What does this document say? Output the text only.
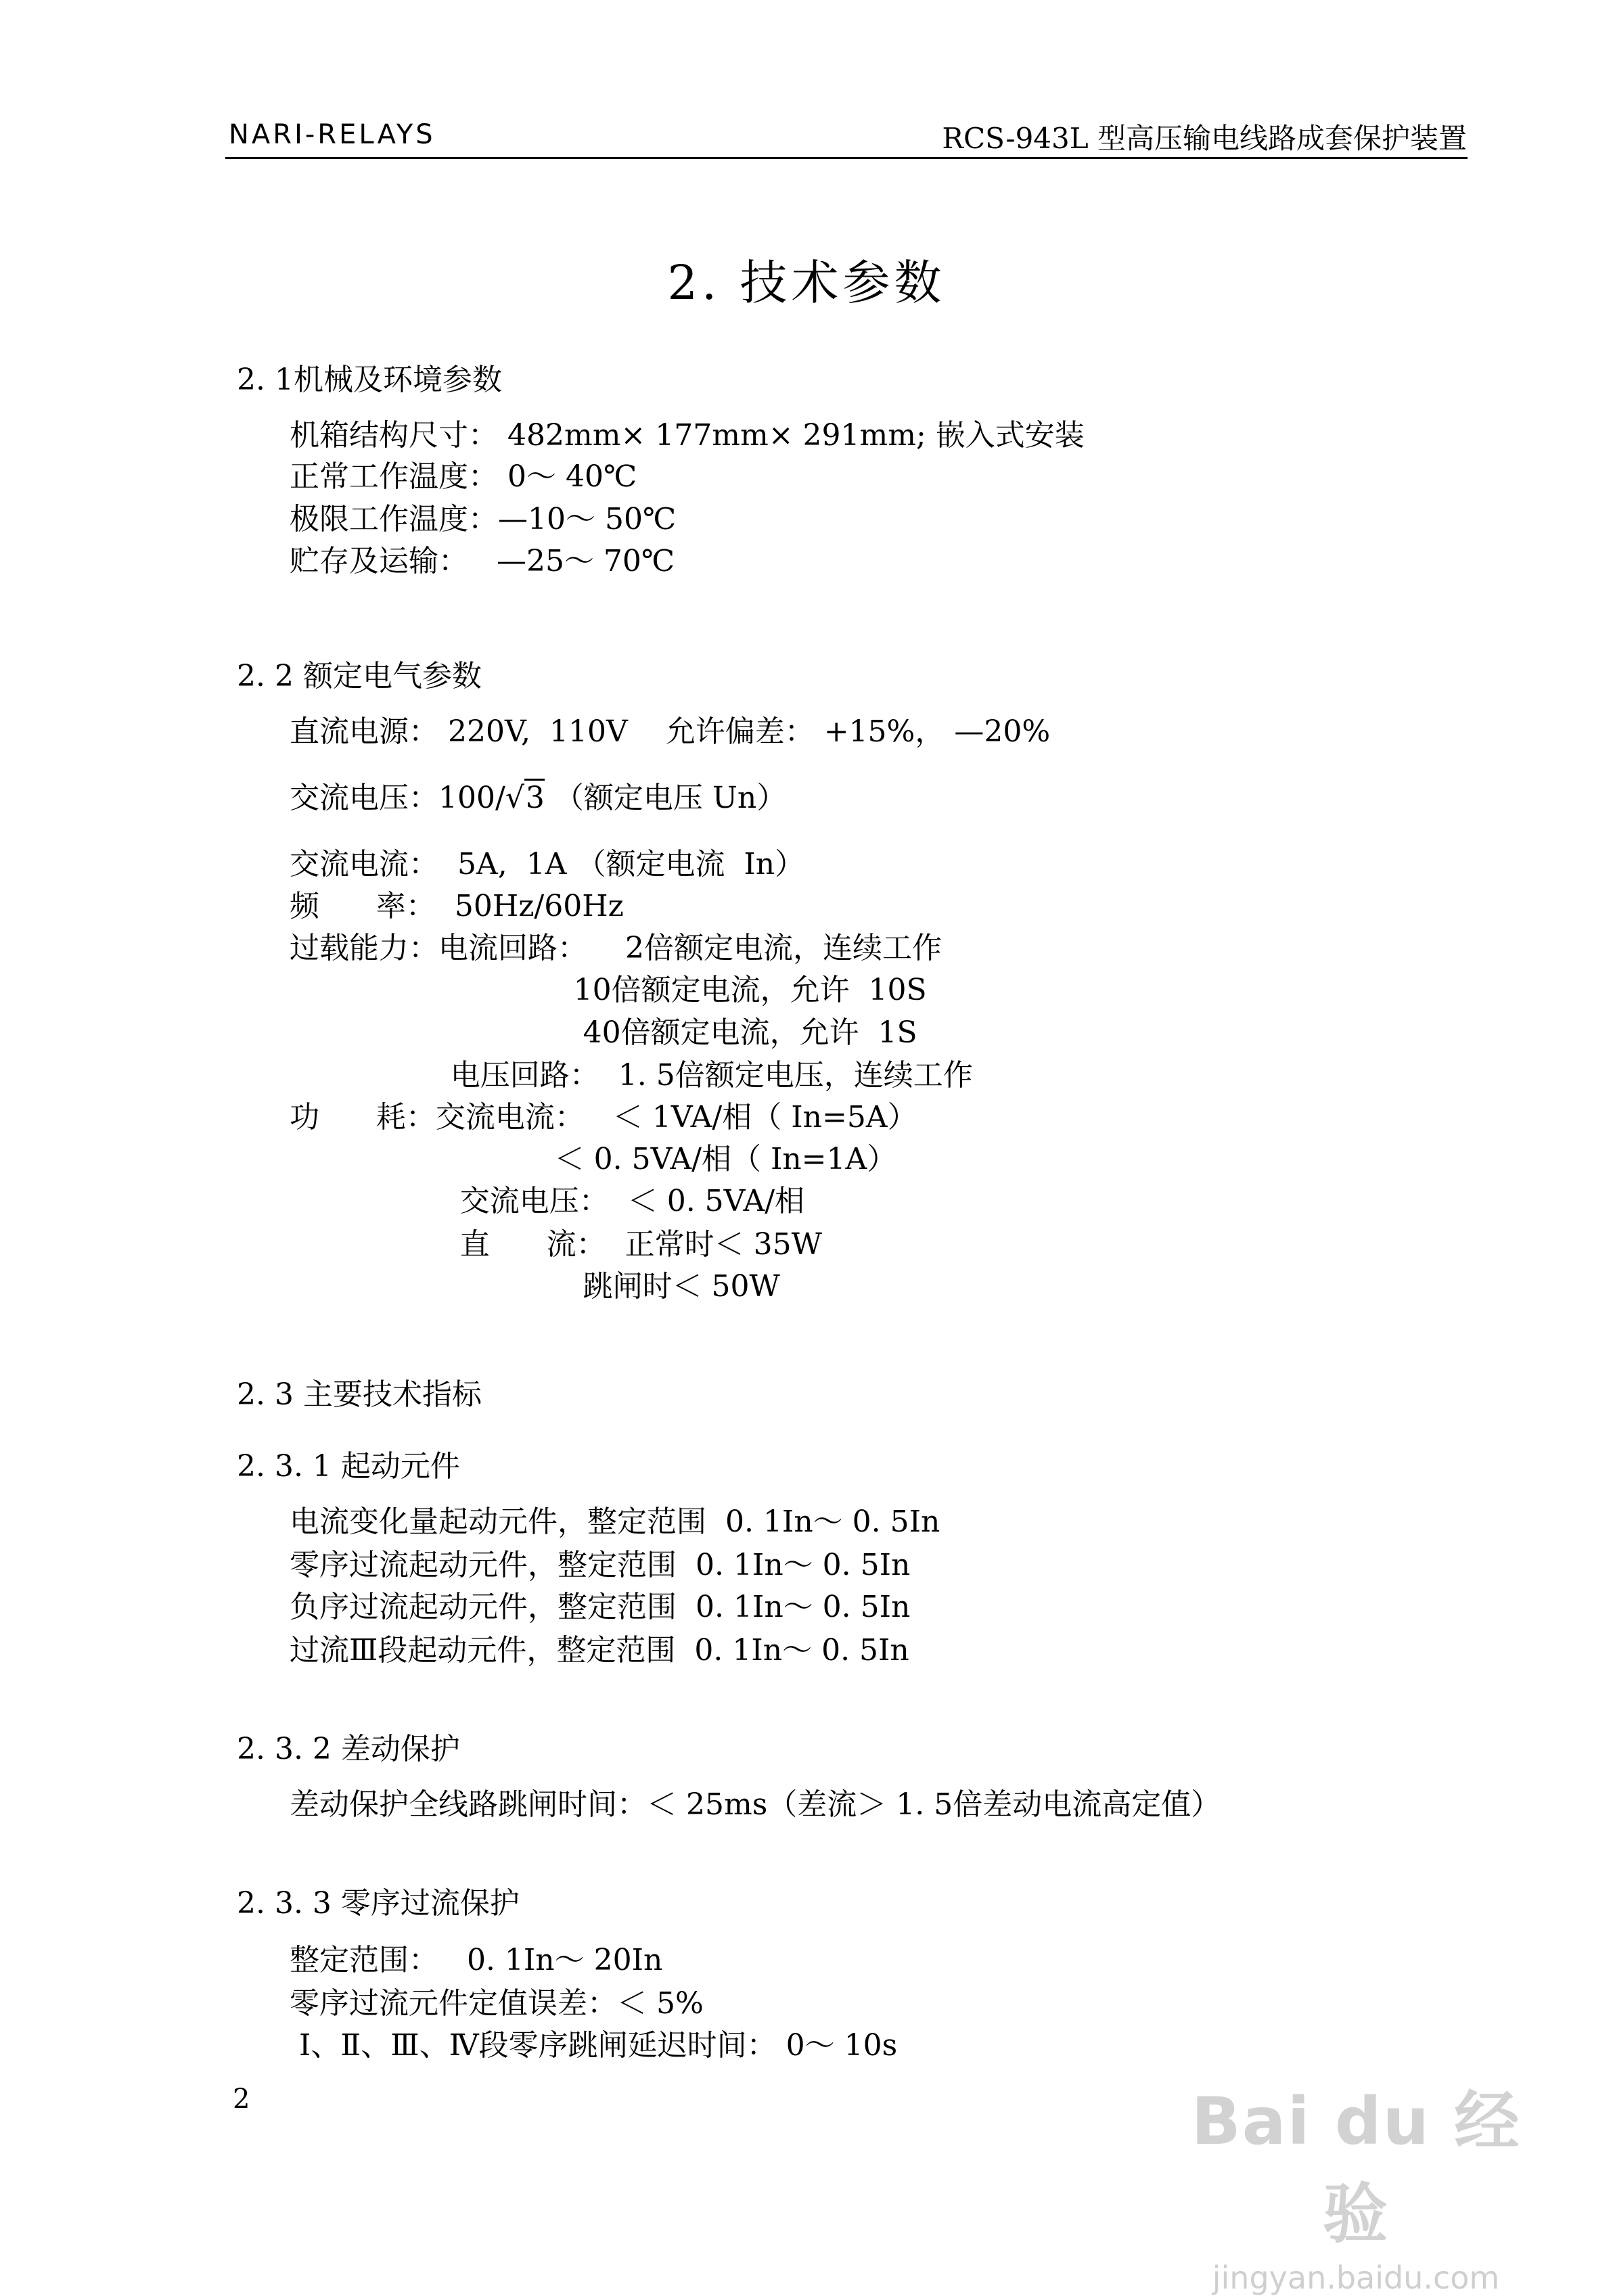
NARI-RELAYS	RCS-943L 型高压输电线路成套保护装置
2. 技术参数
2. 1机械及环境参数
机箱结构尺寸： 482mm× 177mm× 291mm; 嵌入式安装
正常工作温度： 0～ 40℃
极限工作温度：—10～ 50℃
贮存及运输：   —25～ 70℃
2. 2 额定电气参数
直流电源： 220V,  110V    允许偏差： +15%， —20%
交流电压：100/√3 （额定电压 Un）
交流电流：  5A,  1A （额定电流  In）
频      率：  50Hz/60Hz
过载能力：电流回路：    2倍额定电流，连续工作
10倍额定电流，允许  10S
40倍额定电流，允许  1S
电压回路：  1. 5倍额定电压，连续工作
功      耗：交流电流：   ＜ 1VA/相（ In=5A）
＜ 0. 5VA/相（ In=1A）
交流电压：  ＜ 0. 5VA/相
直      流：  正常时＜ 35W
跳闸时＜ 50W
2. 3 主要技术指标
2. 3. 1 起动元件
电流变化量起动元件，整定范围  0. 1In～ 0. 5In
零序过流起动元件，整定范围  0. 1In～ 0. 5In
负序过流起动元件，整定范围  0. 1In～ 0. 5In
过流Ⅲ段起动元件，整定范围  0. 1In～ 0. 5In
2. 3. 2 差动保护
差动保护全线路跳闸时间：＜ 25ms（差流＞ 1. 5倍差动电流高定值）
2. 3. 3 零序过流保护
整定范围：   0. 1In～ 20In
零序过流元件定值误差：＜ 5%
Ⅰ、Ⅱ、Ⅲ、Ⅳ段零序跳闸延迟时间： 0～ 10s
2	Bai du 经验
jingyan.baidu.com
